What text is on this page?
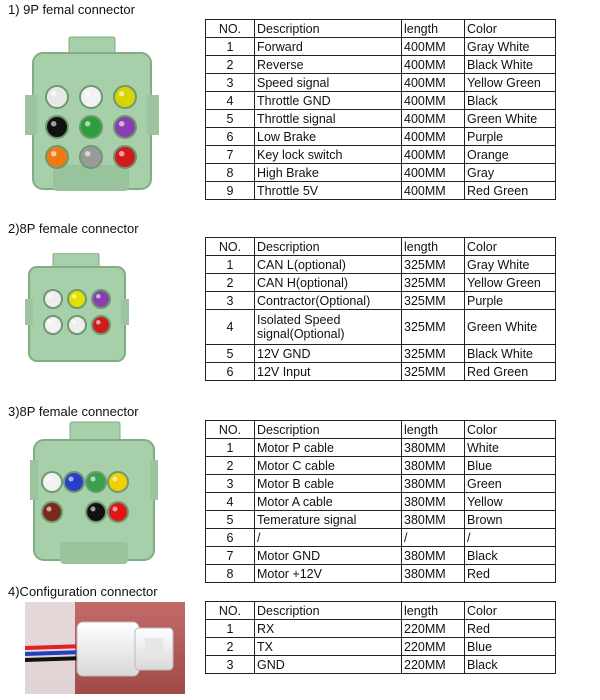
1) 9P femal connector
2)8P female connector
3)8P female connector
4)Configuration connector
NO.	Description	length	Color
1	Forward	400MM	Gray White
2	Reverse	400MM	Black White
3	Speed signal	400MM	Yellow Green
4	Throttle GND	400MM	Black
5	Throttle signal	400MM	Green White
6	Low Brake	400MM	Purple
7	Key lock switch	400MM	Orange
8	High Brake	400MM	Gray
9	Throttle 5V	400MM	Red Green
NO.	Description	length	Color
1	CAN L(optional)	325MM	Gray White
2	CAN H(optional)	325MM	Yellow Green
3	Contractor(Optional)	325MM	Purple
4	Isolated Speed signal(Optional)	325MM	Green White
5	12V GND	325MM	Black White
6	12V Input	325MM	Red Green
NO.	Description	length	Color
1	Motor P cable	380MM	White
2	Motor C cable	380MM	Blue
3	Motor B cable	380MM	Green
4	Motor A cable	380MM	Yellow
5	Temerature signal	380MM	Brown
6	/	/	/
7	Motor GND	380MM	Black
8	Motor +12V	380MM	Red
NO.	Description	length	Color
1	RX	220MM	Red
2	TX	220MM	Blue
3	GND	220MM	Black
